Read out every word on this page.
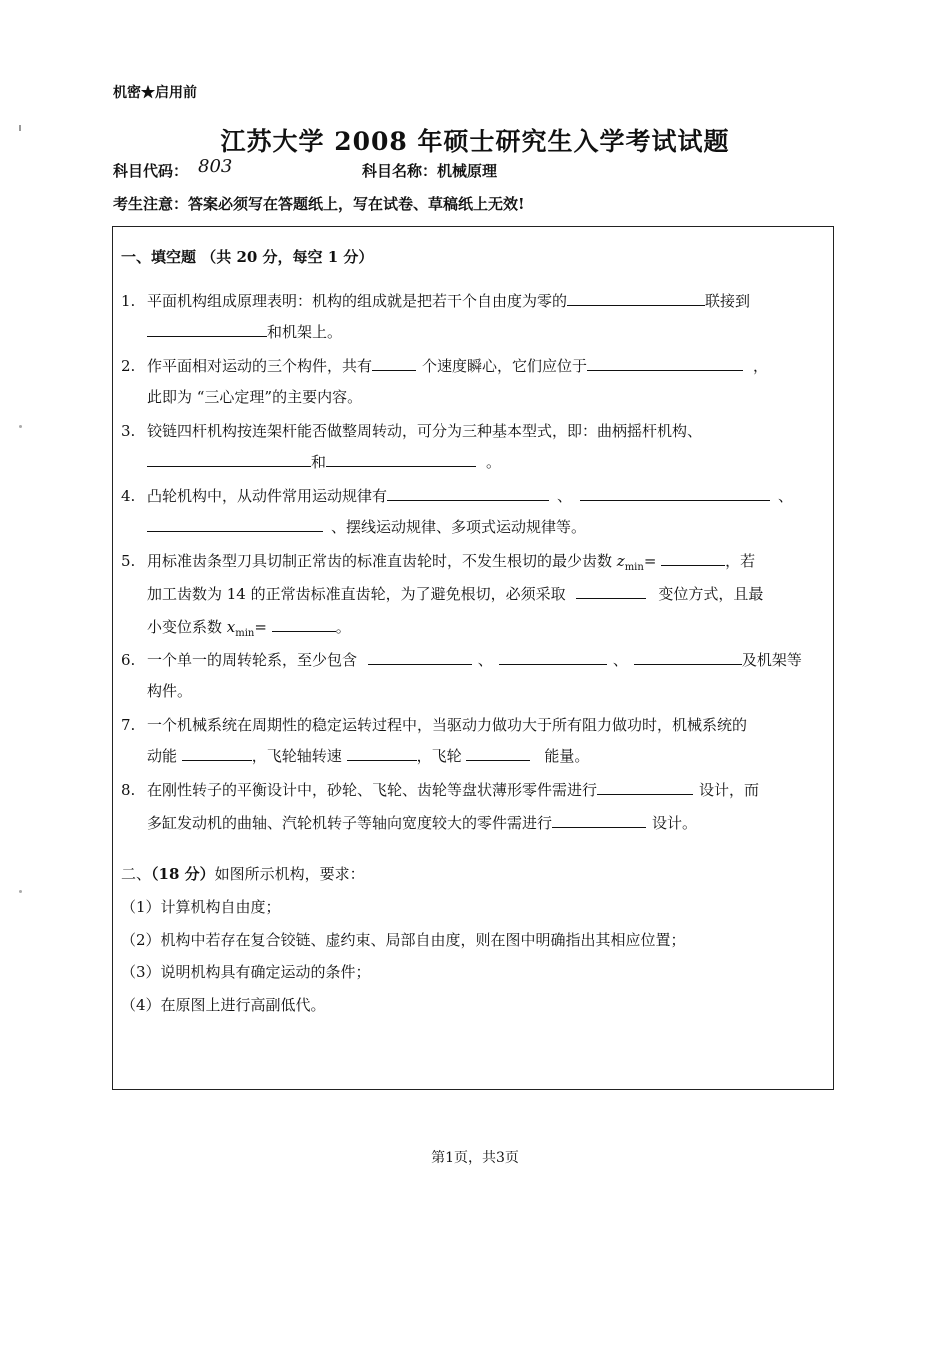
机密★启用前
江苏大学 2008 年硕士研究生入学考试试题
科目代码： 803	科目名称：机械原理
考生注意：答案必须写在答题纸上，写在试卷、草稿纸上无效!
一、填空题 （共 20 分，每空 1 分）
1. 平面机构组成原理表明：机构的组成就是把若干个自由度为零的	联接到
和机架上。
2. 作平面相对运动的三个构件，共有	个速度瞬心，它们应位于	，
此即为 “三心定理”的主要内容。
3. 铰链四杆机构按连架杆能否做整周转动，可分为三种基本型式，即：曲柄摇杆机构、
和	。
4. 凸轮机构中，从动件常用运动规律有	、	、
、摆线运动规律、多项式运动规律等。
5. 用标准齿条型刀具切制正常齿的标准直齿轮时，不发生根切的最少齿数 $z_{min}=$	，若
加工齿数为 14 的正常齿标准直齿轮，为了避免根切，必须采取	变位方式，且最
小变位系数 $x_{min}=$	。
6. 一个单一的周转轮系，至少包含	、	、	及机架等
构件。
7. 一个机械系统在周期性的稳定运转过程中，当驱动力做功大于所有阻力做功时，机械系统的
动能	，飞轮轴转速	，飞轮	能量。
8. 在刚性转子的平衡设计中，砂轮、飞轮、齿轮等盘状薄形零件需进行	设计，而
多缸发动机的曲轴、汽轮机转子等轴向宽度较大的零件需进行	设计。
二、（18 分）如图所示机构，要求：
（1）计算机构自由度；
（2）机构中若存在复合铰链、虚约束、局部自由度，则在图中明确指出其相应位置；
（3）说明机构具有确定运动的条件；
（4）在原图上进行高副低代。
第1页，共3页
